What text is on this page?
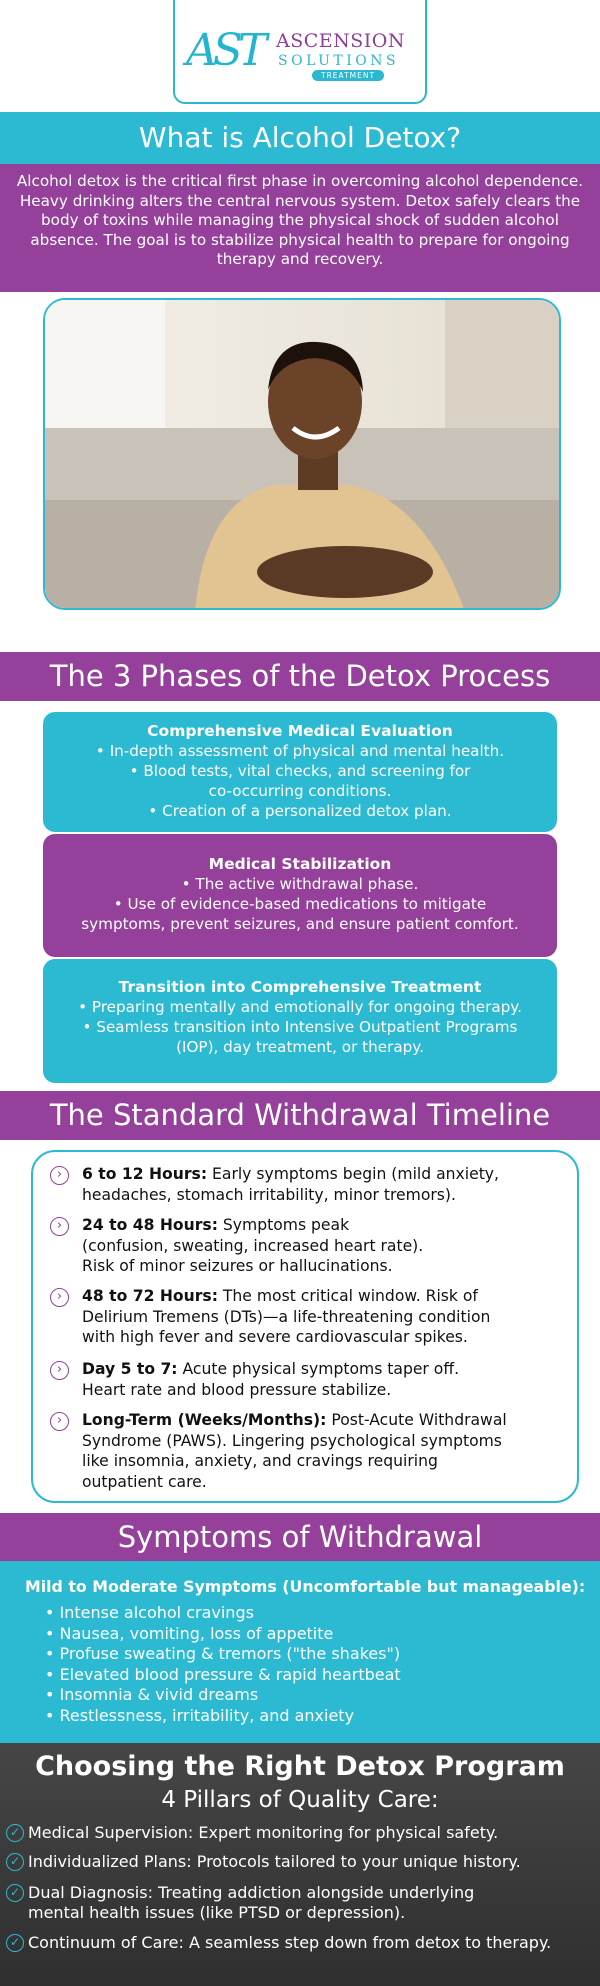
AST ASCENSION
SOLUTIONS
TREATMENT
What is Alcohol Detox?
Alcohol detox is the critical first phase in overcoming alcohol dependence. Heavy drinking alters the central nervous system. Detox safely clears the body of toxins while managing the physical shock of sudden alcohol absence. The goal is to stabilize physical health to prepare for ongoing therapy and recovery.
The 3 Phases of the Detox Process
Comprehensive Medical Evaluation
• In-depth assessment of physical and mental health.
• Blood tests, vital checks, and screening for
co-occurring conditions.
• Creation of a personalized detox plan.
Medical Stabilization
• The active withdrawal phase.
• Use of evidence-based medications to mitigate
symptoms, prevent seizures, and ensure patient comfort.
Transition into Comprehensive Treatment
• Preparing mentally and emotionally for ongoing therapy.
• Seamless transition into Intensive Outpatient Programs
(IOP), day treatment, or therapy.
The Standard Withdrawal Timeline
›	6 to 12 Hours: Early symptoms begin (mild anxiety,
headaches, stomach irritability, minor tremors).
›	24 to 48 Hours: Symptoms peak
(confusion, sweating, increased heart rate).
Risk of minor seizures or hallucinations.
›	48 to 72 Hours: The most critical window. Risk of
Delirium Tremens (DTs)—a life-threatening condition
with high fever and severe cardiovascular spikes.
›	Day 5 to 7: Acute physical symptoms taper off.
Heart rate and blood pressure stabilize.
›	Long-Term (Weeks/Months): Post-Acute Withdrawal
Syndrome (PAWS). Lingering psychological symptoms
like insomnia, anxiety, and cravings requiring
outpatient care.
Symptoms of Withdrawal
Mild to Moderate Symptoms (Uncomfortable but manageable):
• Intense alcohol cravings
• Nausea, vomiting, loss of appetite
• Profuse sweating & tremors ("the shakes")
• Elevated blood pressure & rapid heartbeat
• Insomnia & vivid dreams
• Restlessness, irritability, and anxiety
Choosing the Right Detox Program
4 Pillars of Quality Care:
✓ Medical Supervision: Expert monitoring for physical safety.
✓ Individualized Plans: Protocols tailored to your unique history.
✓ Dual Diagnosis: Treating addiction alongside underlying
mental health issues (like PTSD or depression).
✓ Continuum of Care: A seamless step down from detox to therapy.
